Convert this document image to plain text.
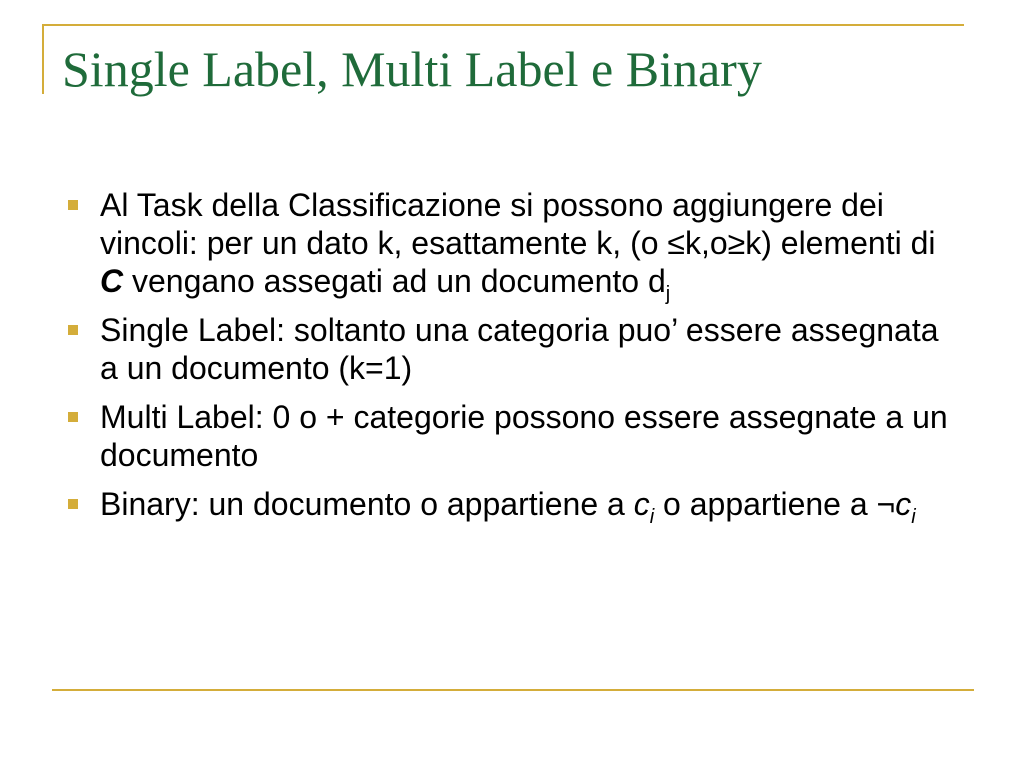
Single Label, Multi Label e Binary
Al Task della Classificazione si possono aggiungere dei vincoli: per un dato k, esattamente k, (o ≤k,o≥k) elementi di C vengano assegati ad un documento $d_j$
Single Label: soltanto una categoria puo’ essere assegnata a un documento (k=1)
Multi Label: 0 o + categorie possono essere assegnate a un documento
Binary: un documento o appartiene a $c_i$ o appartiene a $\neg c_i$
